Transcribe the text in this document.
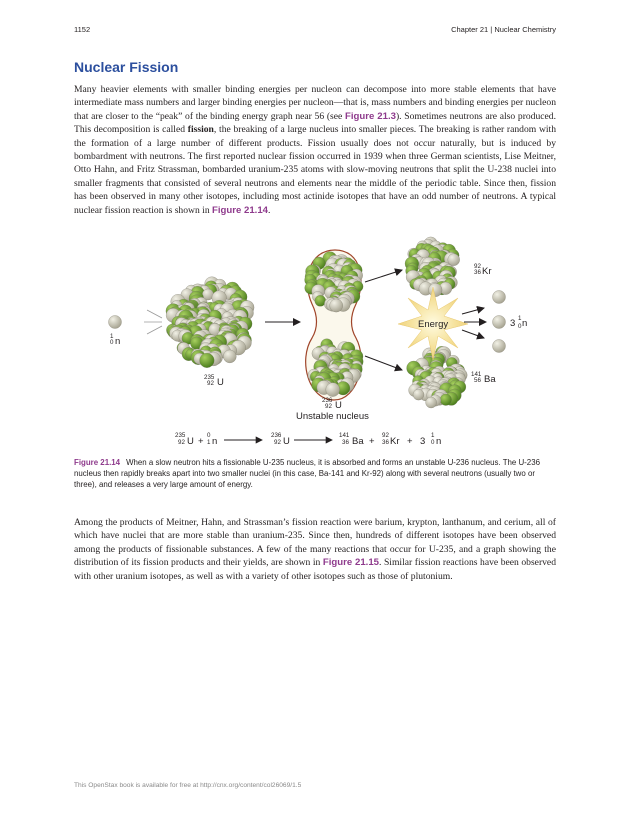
1152	Chapter 21 | Nuclear Chemistry
Nuclear Fission

Many heavier elements with smaller binding energies per nucleon can decompose into more stable elements that have intermediate mass numbers and larger binding energies per nucleon—that is, mass numbers and binding energies per nucleon that are closer to the “peak” of the binding energy graph near 56 (see Figure 21.3). Sometimes neutrons are also produced. This decomposition is called fission, the breaking of a large nucleus into smaller pieces. The breaking is rather random with the formation of a large number of different products. Fission usually does not occur naturally, but is induced by bombardment with neutrons. The first reported nuclear fission occurred in 1939 when three German scientists, Lise Meitner, Otto Hahn, and Fritz Strassman, bombarded uranium-235 atoms with slow-moving neutrons that split the U-238 nuclei into smaller fragments that consisted of several neutrons and elements near the middle of the periodic table. Since then, fission has been observed in many other isotopes, including most actinide isotopes that have an odd number of neutrons. A typical nuclear fission reaction is shown in Figure 21.14.

1
0 n
235
92 U
236
92 U
Unstable nucleus
92
36 Kr
141
56 Ba
Energy	3 1
0 n
235
92 U +
0
1 n
236
92 U
141
36 Ba +
92
36 Kr + 3
1
0 n

Figure 21.14 When a slow neutron hits a fissionable U-235 nucleus, it is absorbed and forms an unstable U-236 nucleus. The U-236 nucleus then rapidly breaks apart into two smaller nuclei (in this case, Ba-141 and Kr-92) along with several neutrons (usually two or three), and releases a very large amount of energy.

Among the products of Meitner, Hahn, and Strassman’s fission reaction were barium, krypton, lanthanum, and cerium, all of which have nuclei that are more stable than uranium-235. Since then, hundreds of different isotopes have been observed among the products of fissionable substances. A few of the many reactions that occur for U-235, and a graph showing the distribution of its fission products and their yields, are shown in Figure 21.15. Similar fission reactions have been observed with other uranium isotopes, as well as with a variety of other isotopes such as those of plutonium.

This OpenStax book is available for free at http://cnx.org/content/col26069/1.5
